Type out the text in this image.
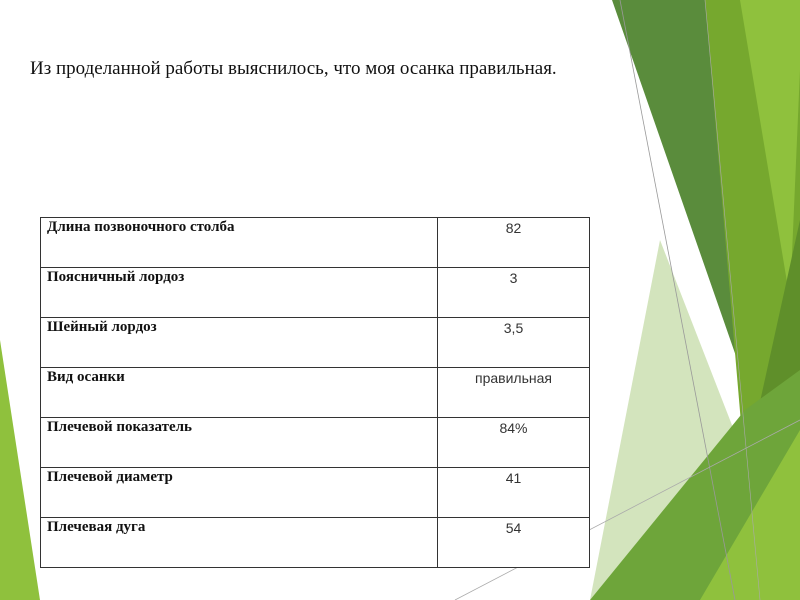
Из проделанной работы выяснилось, что моя осанка правильная.

Длина позвоночного столба	82
Поясничный лордоз	3
Шейный лордоз	3,5
Вид осанки	правильная
Плечевой показатель	84%
Плечевой диаметр	41
Плечевая дуга	54
